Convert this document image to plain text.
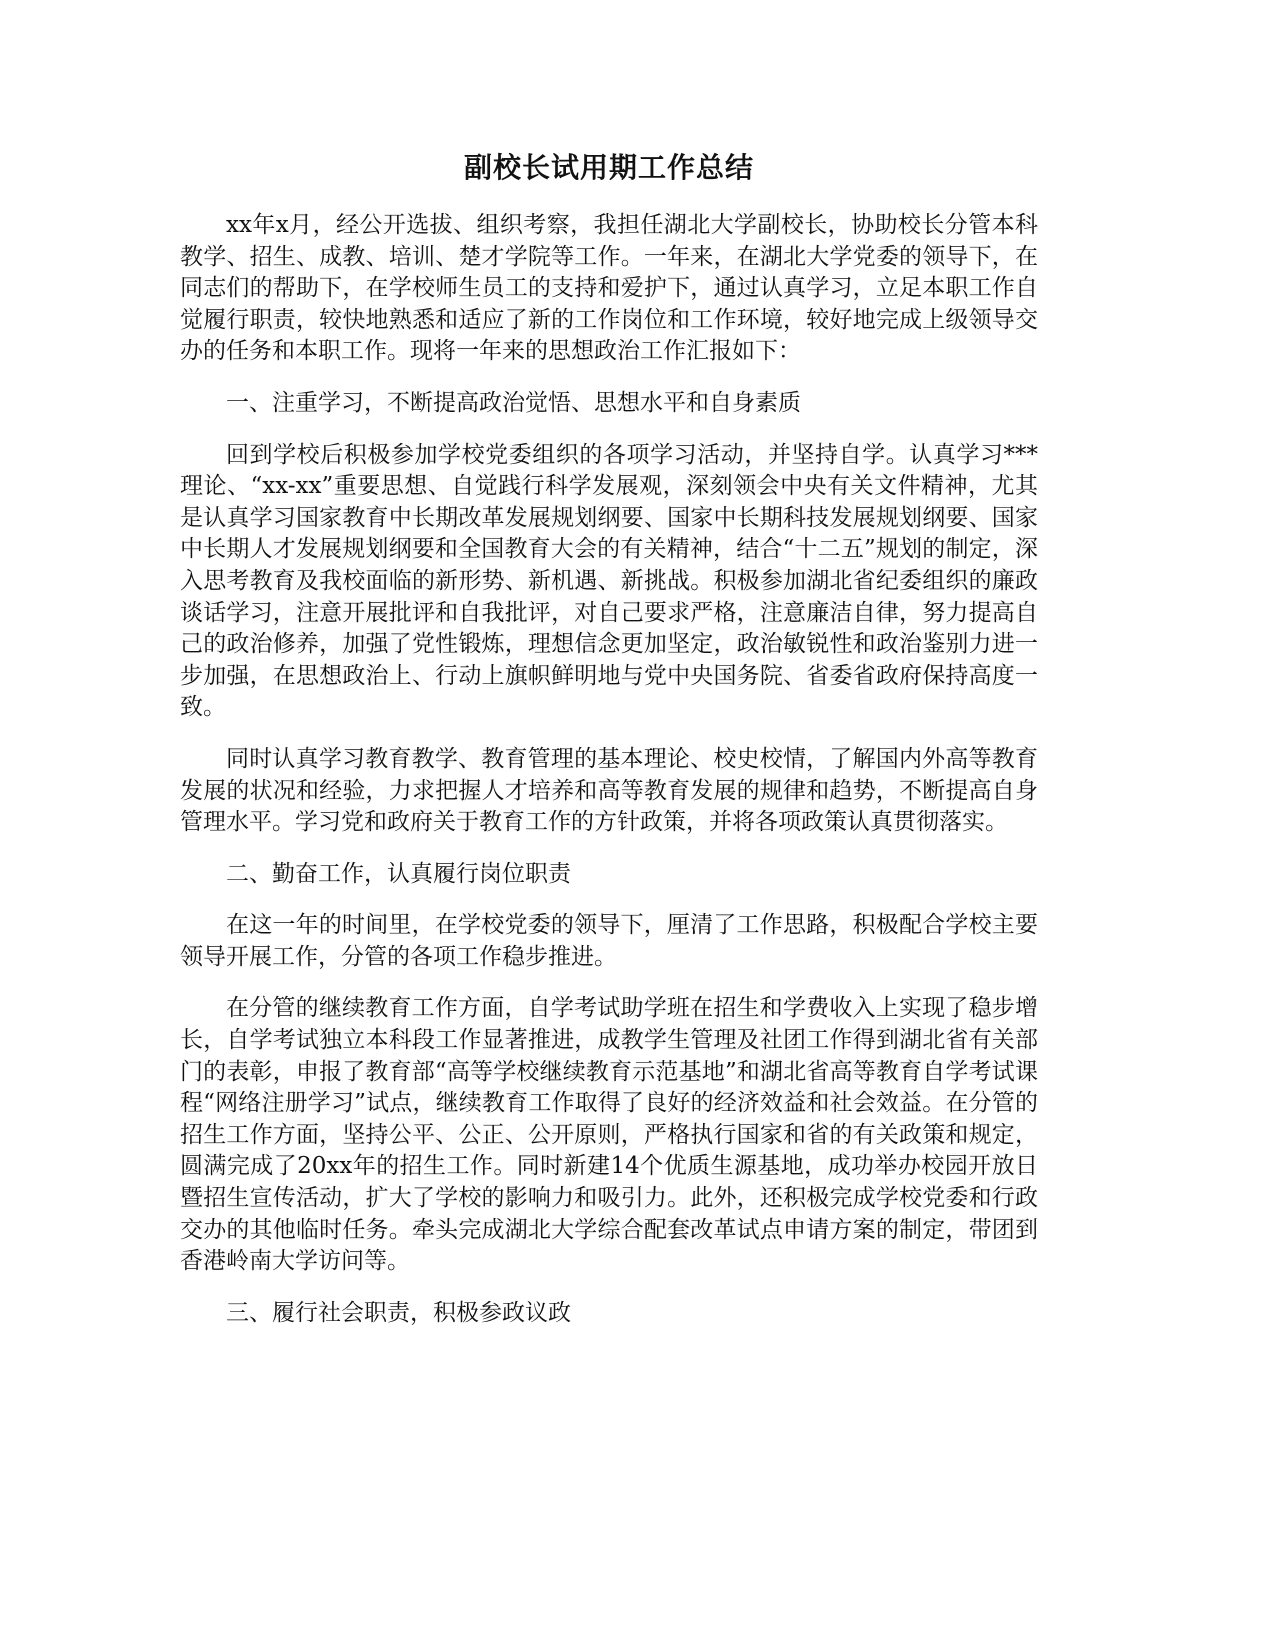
副校长试用期工作总结

xx年x月，经公开选拔、组织考察，我担任湖北大学副校长，协助校长分管本科教学、招生、成教、培训、楚才学院等工作。一年来，在湖北大学党委的领导下，在同志们的帮助下，在学校师生员工的支持和爱护下，通过认真学习，立足本职工作自觉履行职责，较快地熟悉和适应了新的工作岗位和工作环境，较好地完成上级领导交办的任务和本职工作。现将一年来的思想政治工作汇报如下：

一、注重学习，不断提高政治觉悟、思想水平和自身素质

回到学校后积极参加学校党委组织的各项学习活动，并坚持自学。认真学习***理论、“xx-xx”重要思想、自觉践行科学发展观，深刻领会中央有关文件精神，尤其是认真学习国家教育中长期改革发展规划纲要、国家中长期科技发展规划纲要、国家中长期人才发展规划纲要和全国教育大会的有关精神，结合“十二五”规划的制定，深入思考教育及我校面临的新形势、新机遇、新挑战。积极参加湖北省纪委组织的廉政谈话学习，注意开展批评和自我批评，对自己要求严格，注意廉洁自律，努力提高自己的政治修养，加强了党性锻炼，理想信念更加坚定，政治敏锐性和政治鉴别力进一步加强，在思想政治上、行动上旗帜鲜明地与党中央国务院、省委省政府保持高度一致。

同时认真学习教育教学、教育管理的基本理论、校史校情，了解国内外高等教育发展的状况和经验，力求把握人才培养和高等教育发展的规律和趋势，不断提高自身管理水平。学习党和政府关于教育工作的方针政策，并将各项政策认真贯彻落实。

二、勤奋工作，认真履行岗位职责

在这一年的时间里，在学校党委的领导下，厘清了工作思路，积极配合学校主要领导开展工作，分管的各项工作稳步推进。

在分管的继续教育工作方面，自学考试助学班在招生和学费收入上实现了稳步增长，自学考试独立本科段工作显著推进，成教学生管理及社团工作得到湖北省有关部门的表彰，申报了教育部“高等学校继续教育示范基地”和湖北省高等教育自学考试课程“网络注册学习”试点，继续教育工作取得了良好的经济效益和社会效益。在分管的招生工作方面，坚持公平、公正、公开原则，严格执行国家和省的有关政策和规定，圆满完成了20xx年的招生工作。同时新建14个优质生源基地，成功举办校园开放日暨招生宣传活动，扩大了学校的影响力和吸引力。此外，还积极完成学校党委和行政交办的其他临时任务。牵头完成湖北大学综合配套改革试点申请方案的制定，带团到香港岭南大学访问等。

三、履行社会职责，积极参政议政
